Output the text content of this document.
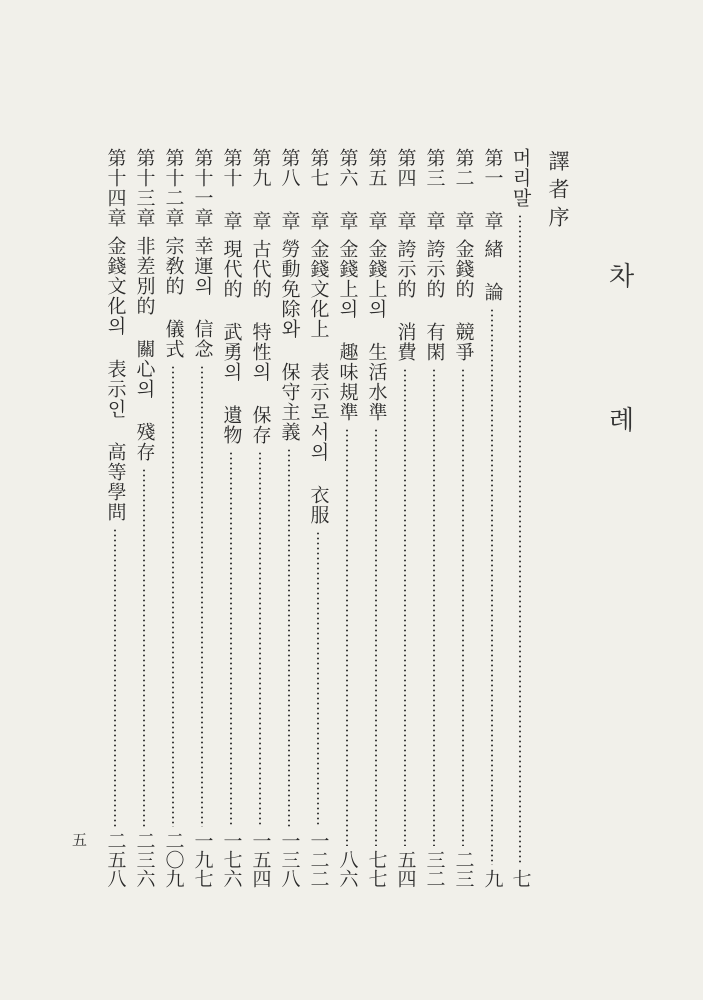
차 례
譯者序
머리말
七
第一 章
緖 論
九
第二 章
金錢的 競爭
二三
第三 章
誇示的 有閑
三二
第四 章
誇示的 消費
五四
第五 章
金錢上의 生活水準
七七
第六 章
金錢上의 趣味規準
八六
第七 章
金錢文化上 表示로서의 衣服
一二二
第八 章
勞動免除와 保守主義
一三八
第九 章
古代的 特性의 保存
一五四
第十 章
現代的 武勇의 遺物
一七六
第十一章
幸運의 信念
一九七
第十二章
宗敎的 儀式
二〇九
第十三章
非差別的 關心의 殘存
二三六
第十四章
金錢文化의 表示인 高等學問
二五八
五
